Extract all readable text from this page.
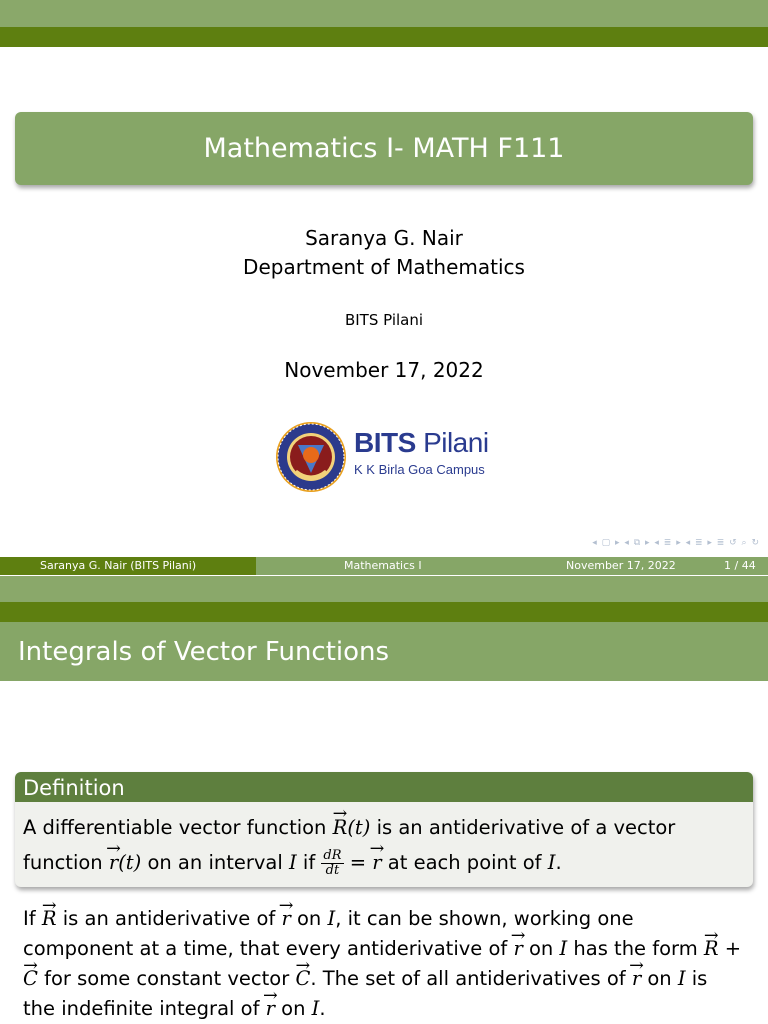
Mathematics I- MATH F111
Saranya G. Nair
Department of Mathematics
BITS Pilani
November 17, 2022
BITS Pilani
K K Birla Goa Campus
◂ ▢ ▸ ◂ ⧉ ▸ ◂ ≣ ▸ ◂ ≣ ▸ ≣ ↺ ⌕ ↻
Saranya G. Nair (BITS Pilani)	Mathematics I	November 17, 2022	1 / 44
Integrals of Vector Functions
Definition
A differentiable vector function → R(t) is an antiderivative of a vector
function → r(t) on an interval I if $\frac{dR}{dt}$ = → r at each point of I.
If → R is an antiderivative of → r on I, it can be shown, working one component at a time, that every antiderivative of → r on I has the form → R + → C for some constant vector → C. The set of all antiderivatives of → r on I is the indefinite integral of → r on I.
